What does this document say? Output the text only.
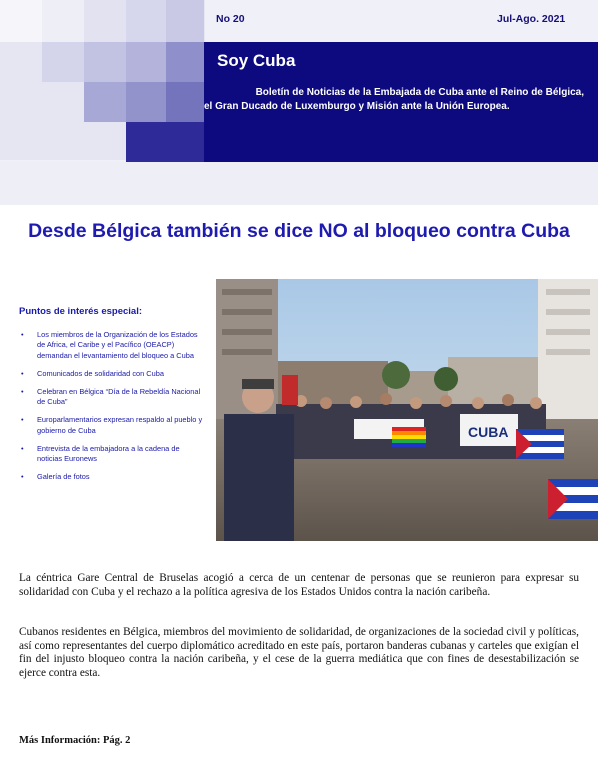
No 20	Jul-Ago. 2021
Soy Cuba
Boletín de Noticias de la Embajada de Cuba ante el Reino de Bélgica,
el Gran Ducado de Luxemburgo y Misión ante la Unión Europea.
Desde Bélgica también se dice NO al bloqueo contra Cuba
Puntos de interés especial:
• Los miembros de la Organización de los Estados de Africa, el Caribe y el Pacífico (OEACP) demandan el levantamiento del bloqueo a Cuba
• Comunicados de solidaridad con Cuba
• Celebran en Bélgica “Día de la Rebeldía Nacional de Cuba”
• Europarlamentarios expresan respaldo al pueblo y gobierno de Cuba
• Entrevista de la embajadora a la cadena de noticias Euronews
• Galería de fotos
CUBA

La céntrica Gare Central de Bruselas acogió a cerca de un centenar de personas que se reunieron para expresar su solidaridad con Cuba y el rechazo a la política agresiva de los Estados Unidos contra la nación caribeña.

Cubanos residentes en Bélgica, miembros del movimiento de solidaridad, de organizaciones de la sociedad civil y políticas, así como representantes del cuerpo diplomático acreditado en este país, portaron banderas cubanas y carteles que exigían el fin del injusto bloqueo contra la nación caribeña, y el cese de la guerra mediática que con fines de desestabilización se ejerce contra esta.

Más Información: Pág. 2
